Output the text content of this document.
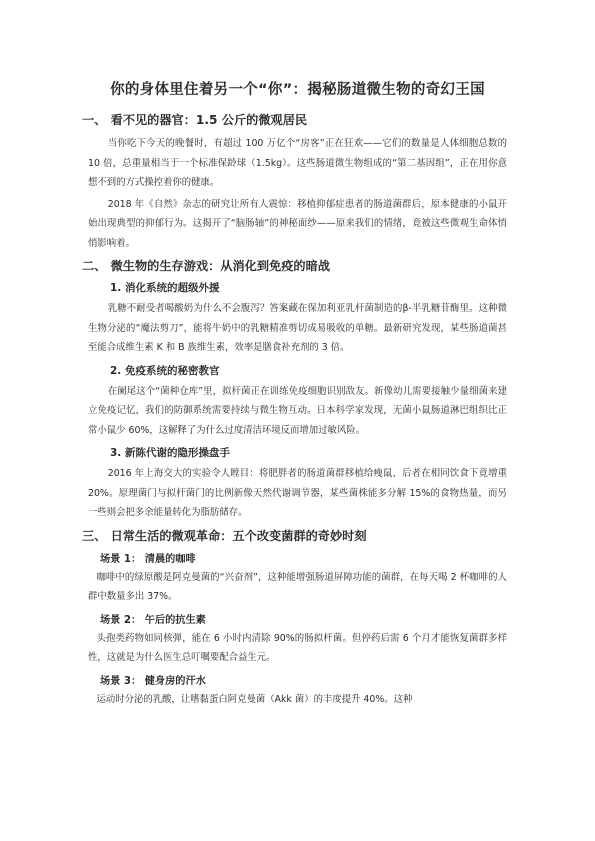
你的身体里住着另一个“你”：揭秘肠道微生物的奇幻王国
一、 看不见的器官：1.5 公斤的微观居民
当你吃下今天的晚餐时，有超过 100 万亿个“房客”正在狂欢——它们的数量是人体细胞总数的 10 倍，总重量相当于一个标准保龄球（1.5kg）。这些肠道微生物组成的“第二基因组”，正在用你意想不到的方式操控着你的健康。
2018 年《自然》杂志的研究让所有人震惊：移植抑郁症患者的肠道菌群后，原本健康的小鼠开始出现典型的抑郁行为。这揭开了“脑肠轴”的神秘面纱——原来我们的情绪，竟被这些微观生命体悄悄影响着。
二、 微生物的生存游戏：从消化到免疫的暗战
1. 消化系统的超级外援
乳糖不耐受者喝酸奶为什么不会腹泻？答案藏在保加利亚乳杆菌制造的β-半乳糖苷酶里。这种微生物分泌的“魔法剪刀”，能将牛奶中的乳糖精准剪切成易吸收的单糖。最新研究发现，某些肠道菌甚至能合成维生素 K 和 B 族维生素，效率是膳食补充剂的 3 倍。
2. 免疫系统的秘密教官
在阑尾这个“菌种仓库”里，拟杆菌正在训练免疫细胞识别敌友。新像幼儿需要接触少量细菌来建立免疫记忆，我们的防御系统需要持续与微生物互动。日本科学家发现，无菌小鼠肠道淋巴组织比正常小鼠少 60%，这解释了为什么过度清洁环境反而增加过敏风险。
3. 新陈代谢的隐形操盘手
2016 年上海交大的实验令人瞠目：将肥胖者的肠道菌群移植给瘦鼠，后者在相同饮食下竟增重 20%。原理菌门与拟杆菌门的比例新像天然代谢调节器，某些菌株能多分解 15%的食物热量，而另一些则会把多余能量转化为脂肪储存。
三、 日常生活的微观革命：五个改变菌群的奇妙时刻
场景 1： 清晨的咖啡
咖啡中的绿原酸是阿克曼菌的“兴奋剂”，这种能增强肠道屏障功能的菌群，在每天喝 2 杯咖啡的人群中数量多出 37%。
场景 2： 午后的抗生素
头孢类药物如同核弹，能在 6 小时内清除 90%的肠拟杆菌。但停药后需 6 个月才能恢复菌群多样性，这就是为什么医生总叮嘱要配合益生元。
场景 3： 健身房的汗水
运动时分泌的乳酸，让嗜黏蛋白阿克曼菌（Akk 菌）的丰度提升 40%。这种
